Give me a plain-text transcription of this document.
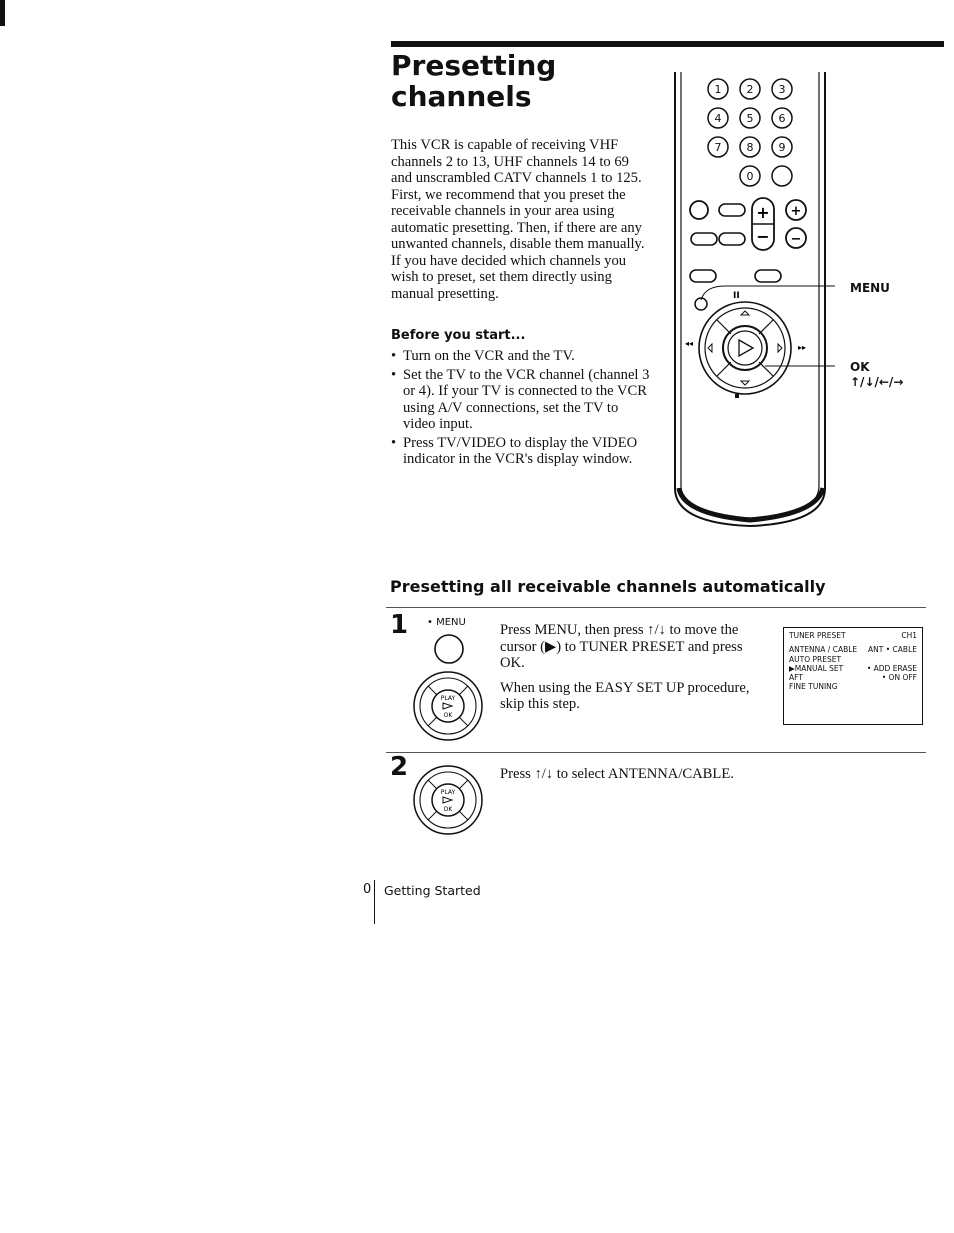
Presetting channels
This VCR is capable of receiving VHF channels 2 to 13, UHF channels 14 to 69 and unscrambled CATV channels 1 to 125. First, we recommend that you preset the receivable channels in your area using automatic presetting. Then, if there are any unwanted channels, disable them manually. If you have decided which channels you wish to preset, set them directly using manual presetting.
Before you start...
• Turn on the VCR and the TV.
• Set the TV to the VCR channel (channel 3 or 4). If your TV is connected to the VCR using A/V connections, set the TV to video input.
• Press TV/VIDEO to display the VIDEO indicator in the VCR's display window.
1 2 3
4 5 6
7 8 9
0
+
−
+
−
II
◂◂	▸▸
MENU
OK
↑/↓/←/→
Presetting all receivable channels automatically
1 • MENU
PLAY
OK

Press MENU, then press ↑/↓ to move the cursor (▶) to TUNER PRESET and press OK.

When using the EASY SET UP procedure, skip this step.

TUNER PRESET	CH1
ANTENNA / CABLE ANT • CABLE
AUTO PRESET
▶MANUAL SET	• ADD ERASE
AFT	• ON OFF
FINE TUNING
2
PLAY
OK
Press ↑/↓ to select ANTENNA/CABLE.
0 Getting Started
